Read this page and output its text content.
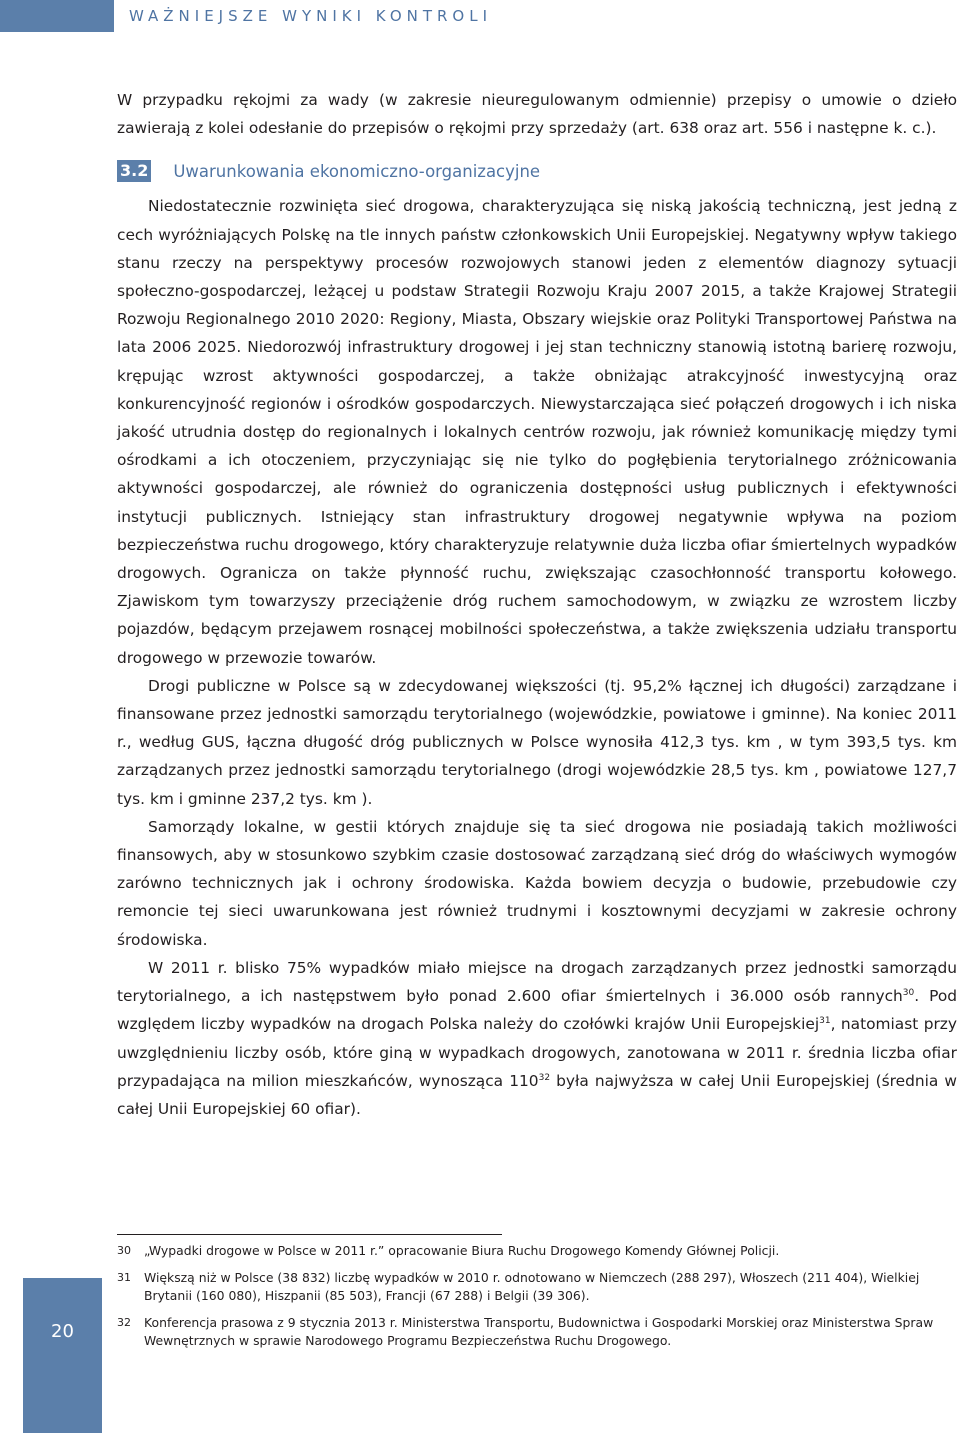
WAŻNIEJSZE WYNIKI KONTROLI

W przypadku rękojmi za wady (w zakresie nieuregulowanym odmiennie) przepisy o umowie o dzieło zawierają z kolei odesłanie do przepisów o rękojmi przy sprzedaży (art. 638 oraz art. 556 i następne k. c.).

3.2 Uwarunkowania ekonomiczno-organizacyjne

Niedostatecznie rozwinięta sieć drogowa, charakteryzująca się niską jakością techniczną, jest jedną z cech wyróżniających Polskę na tle innych państw członkowskich Unii Europejskiej. Negatywny wpływ takiego stanu rzeczy na perspektywy procesów rozwojowych stanowi jeden z elementów diagnozy sytuacji społeczno-gospodarczej, leżącej u podstaw Strategii Rozwoju Kraju 2007 2015, a także Krajowej Strategii Rozwoju Regionalnego 2010 2020: Regiony, Miasta, Obszary wiejskie oraz Polityki Transportowej Państwa na lata 2006 2025. Niedorozwój infrastruktury drogowej i jej stan techniczny stanowią istotną barierę rozwoju, krępując wzrost aktywności gospodarczej, a także obniżając atrakcyjność inwestycyjną oraz konkurencyjność regionów i ośrodków gospodarczych. Niewystarczająca sieć połączeń drogowych i ich niska jakość utrudnia dostęp do regionalnych i lokalnych centrów rozwoju, jak również komunikację między tymi ośrodkami a ich otoczeniem, przyczyniając się nie tylko do pogłębienia terytorialnego zróżnicowania aktywności gospodarczej, ale również do ograniczenia dostępności usług publicznych i efektywności instytucji publicznych. Istniejący stan infrastruktury drogowej negatywnie wpływa na poziom bezpieczeństwa ruchu drogowego, który charakteryzuje relatywnie duża liczba ofiar śmiertelnych wypadków drogowych. Ogranicza on także płynność ruchu, zwiększając czasochłonność transportu kołowego. Zjawiskom tym towarzyszy przeciążenie dróg ruchem samochodowym, w związku ze wzrostem liczby pojazdów, będącym przejawem rosnącej mobilności społeczeństwa, a także zwiększenia udziału transportu drogowego w przewozie towarów.

Drogi publiczne w Polsce są w zdecydowanej większości (tj. 95,2% łącznej ich długości) zarządzane i finansowane przez jednostki samorządu terytorialnego (wojewódzkie, powiatowe i gminne). Na koniec 2011 r., według GUS, łączna długość dróg publicznych w Polsce wynosiła 412,3 tys. km , w tym 393,5 tys. km zarządzanych przez jednostki samorządu terytorialnego (drogi wojewódzkie 28,5 tys. km , powiatowe 127,7 tys. km i gminne 237,2 tys. km ).

Samorządy lokalne, w gestii których znajduje się ta sieć drogowa nie posiadają takich możliwości finansowych, aby w stosunkowo szybkim czasie dostosować zarządzaną sieć dróg do właściwych wymogów zarówno technicznych jak i ochrony środowiska. Każda bowiem decyzja o budowie, przebudowie czy remoncie tej sieci uwarunkowana jest również trudnymi i kosztownymi decyzjami w zakresie ochrony środowiska.

W 2011 r. blisko 75% wypadków miało miejsce na drogach zarządzanych przez jednostki samorządu terytorialnego, a ich następstwem było ponad 2.600 ofiar śmiertelnych i 36.000 osób rannych$^{30}$. Pod względem liczby wypadków na drogach Polska należy do czołówki krajów Unii Europejskiej$^{31}$, natomiast przy uwzględnieniu liczby osób, które giną w wypadkach drogowych, zanotowana w 2011 r. średnia liczba ofiar przypadająca na milion mieszkańców, wynosząca $110^{32}$ była najwyższa w całej Unii Europejskiej (średnia w całej Unii Europejskiej 60 ofiar).

30	„Wypadki drogowe w Polsce w 2011 r.” opracowanie Biura Ruchu Drogowego Komendy Głównej Policji.
31	Większą niż w Polsce (38 832) liczbę wypadków w 2010 r. odnotowano w Niemczech (288 297), Włoszech (211 404), Wielkiej Brytanii (160 080), Hiszpanii (85 503), Francji (67 288) i Belgii (39 306).
32	Konferencja prasowa z 9 stycznia 2013 r. Ministerstwa Transportu, Budownictwa i Gospodarki Morskiej oraz Ministerstwa Spraw Wewnętrznych w sprawie Narodowego Programu Bezpieczeństwa Ruchu Drogowego.
20
